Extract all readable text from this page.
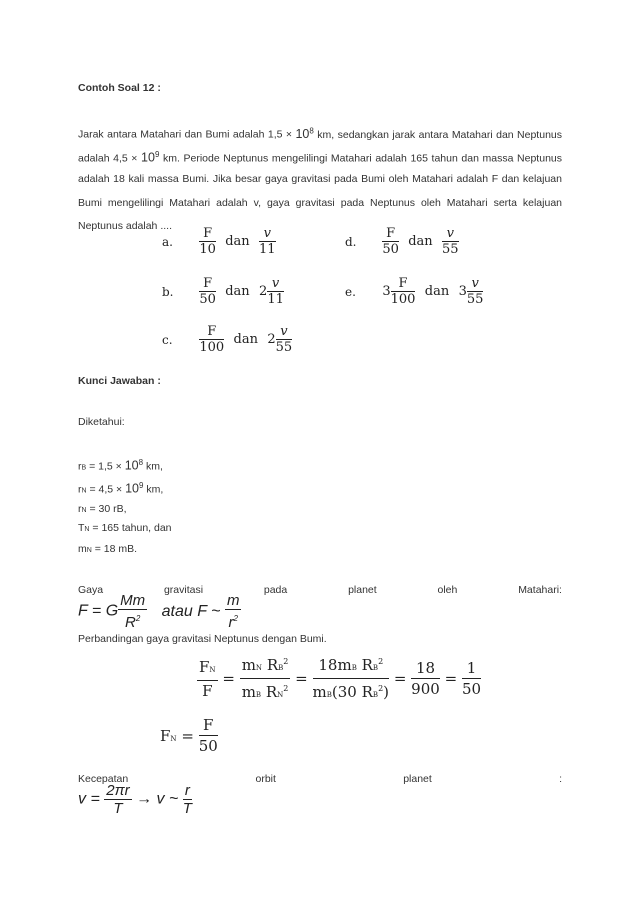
Contoh Soal 12 :
Jarak antara Matahari dan Bumi adalah $1,5 \times 10^8$ km, sedangkan jarak antara Matahari dan Neptunus
adalah $4,5 \times 10^9$ km. Periode Neptunus mengelilingi Matahari adalah 165 tahun dan massa Neptunus
adalah 18 kali massa Bumi. Jika besar gaya gravitasi pada Bumi oleh Matahari adalah F dan kelajuan
Bumi mengelilingi Matahari adalah v, gaya gravitasi pada Neptunus oleh Matahari serta kelajuan
Neptunus adalah ....
a. $\frac{F}{10}$ dan $\frac{v}{11}$
b. $\frac{F}{50}$ dan $2 \frac{v}{11}$
c. $\frac{F}{100}$ dan $2 \frac{v}{55}$
d. $\frac{F}{50}$ dan $\frac{v}{55}$
e. $3 \frac{F}{100}$ dan $3 \frac{v}{55}$
Kunci Jawaban :
Diketahui:
rB = $1,5 \times 10^8$ km,
rN = $4,5 \times 10^9$ km,
rN = 30 rB,
TN = 165 tahun, dan
mN = 18 mB.
Gaya	gravitasi	pada	planet	oleh	Matahari:
F = G $\frac{Mm}{R^2}$ atau F ~ $\frac{m}{r^2}$
Perbandingan gaya gravitasi Neptunus dengan Bumi.
$\frac{FN}{F} = \frac{mN RB^2}{mB RN^2} = \frac{18mB RB^2}{mB(30 RB^2)} = \frac{18}{900} = \frac{1}{50}$
FN = $\frac{F}{50}$
Kecepatan	orbit	planet	:
$v = \frac{2\pi r}{T} \to v$ ~ $\frac{r}{T}$
